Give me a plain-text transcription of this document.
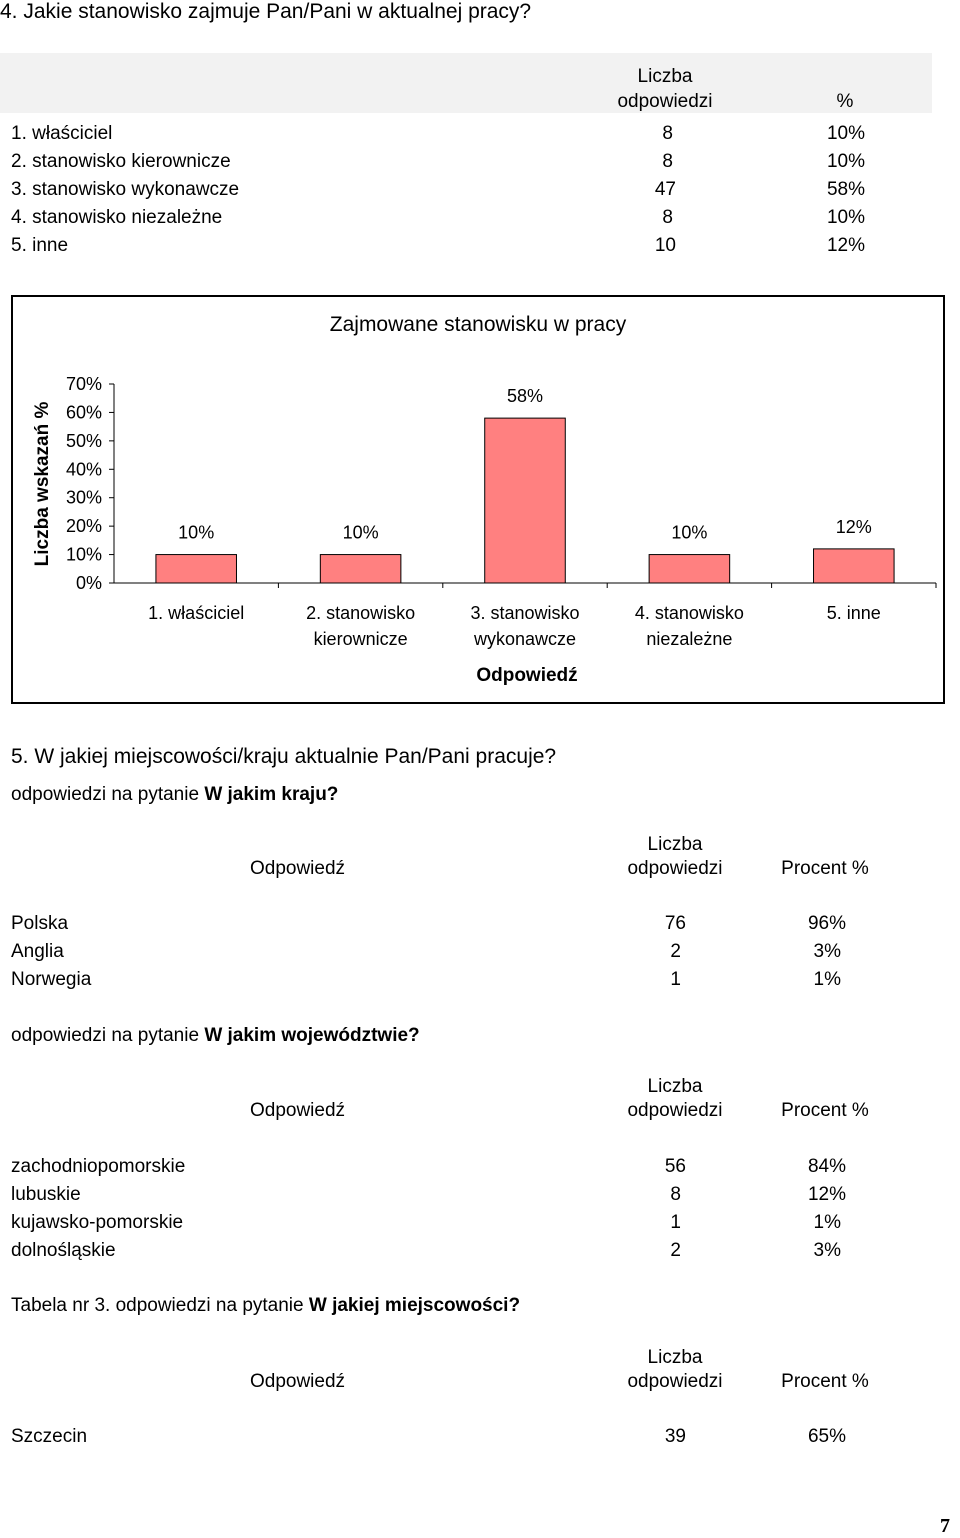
4. Jakie stanowisko zajmuje Pan/Pani w aktualnej pracy?
Liczba
odpowiedzi	%
1. właściciel	8	10%
2. stanowisko kierownicze	8	10%
3. stanowisko wykonawcze	47	58%
4. stanowisko niezależne	8	10%
5. inne	10	12%
Zajmowane stanowisku w pracy
Liczba wskazań %
Odpowiedź
0%
10%
20%
30%
40%
50%
60%
70%
10%	10%
58%
10%	12%
1. właściciel	2. stanowisko
kierownicze
3. stanowisko
wykonawcze
4. stanowisko
niezależne
5. inne
5. W jakiej miejscowości/kraju aktualnie Pan/Pani pracuje?
odpowiedzi na pytanie W jakim kraju?
Liczba
Odpowiedź	odpowiedzi	Procent %
Polska	76	96%
Anglia	2	3%
Norwegia	1	1%
odpowiedzi na pytanie W jakim województwie?
Liczba
Odpowiedź	odpowiedzi	Procent %
zachodniopomorskie	56	84%
lubuskie	8	12%
kujawsko-pomorskie	1	1%
dolnośląskie	2	3%
Tabela nr 3. odpowiedzi na pytanie W jakiej miejscowości?
Liczba
Odpowiedź	odpowiedzi	Procent %
Szczecin	39	65%
7
